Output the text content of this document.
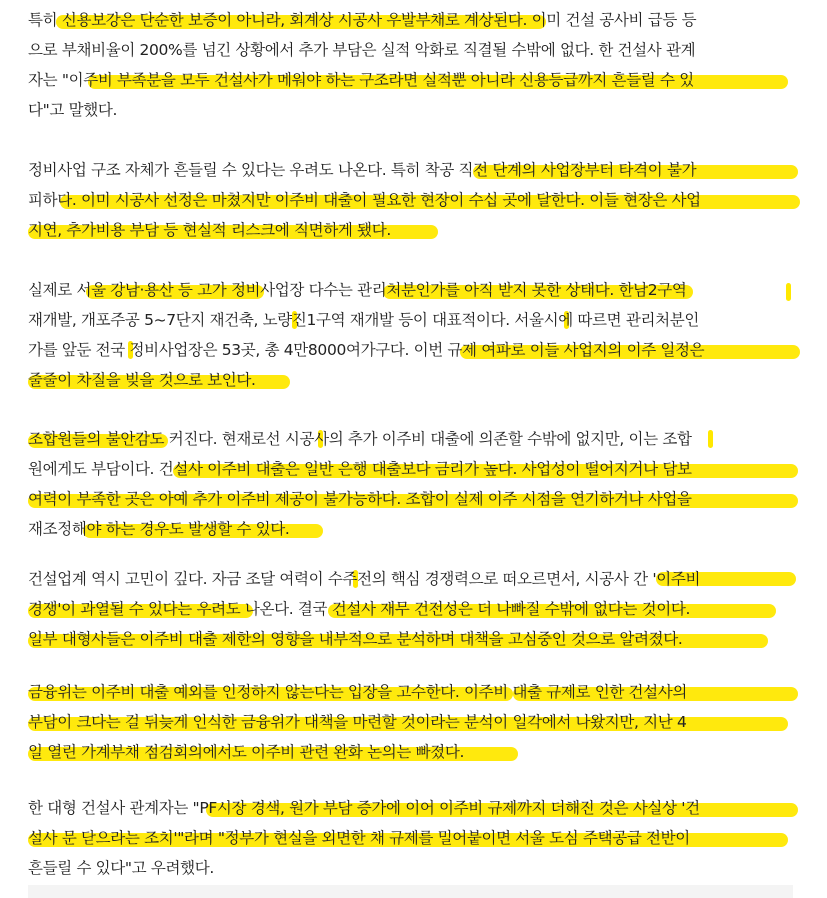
특히 신용보강은 단순한 보증이 아니라, 회계상 시공사 우발부채로 계상된다. 이미 건설 공사비 급등 등
으로 부채비율이 200%를 넘긴 상황에서 추가 부담은 실적 악화로 직결될 수밖에 없다. 한 건설사 관계
자는 "이주비 부족분을 모두 건설사가 메워야 하는 구조라면 실적뿐 아니라 신용등급까지 흔들릴 수 있
다"고 말했다.
정비사업 구조 자체가 흔들릴 수 있다는 우려도 나온다. 특히 착공 직전 단계의 사업장부터 타격이 불가
피하다. 이미 시공사 선정은 마쳤지만 이주비 대출이 필요한 현장이 수십 곳에 달한다. 이들 현장은 사업
지연, 추가비용 부담 등 현실적 리스크에 직면하게 됐다.
실제로 서울 강남·용산 등 고가 정비사업장 다수는 관리처분인가를 아직 받지 못한 상태다. 한남2구역
재개발, 개포주공 5~7단지 재건축, 노량진1구역 재개발 등이 대표적이다. 서울시에 따르면 관리처분인
가를 앞둔 전국 정비사업장은 53곳, 총 4만8000여가구다. 이번 규제 여파로 이들 사업지의 이주 일정은
줄줄이 차질을 빚을 것으로 보인다.
조합원들의 불안감도 커진다. 현재로선 시공사의 추가 이주비 대출에 의존할 수밖에 없지만, 이는 조합
원에게도 부담이다. 건설사 이주비 대출은 일반 은행 대출보다 금리가 높다. 사업성이 떨어지거나 담보
여력이 부족한 곳은 아예 추가 이주비 제공이 불가능하다. 조합이 실제 이주 시점을 연기하거나 사업을
재조정해야 하는 경우도 발생할 수 있다.
건설업계 역시 고민이 깊다. 자금 조달 여력이 수주전의 핵심 경쟁력으로 떠오르면서, 시공사 간 '이주비
경쟁'이 과열될 수 있다는 우려도 나온다. 결국 건설사 재무 건전성은 더 나빠질 수밖에 없다는 것이다.
일부 대형사들은 이주비 대출 제한의 영향을 내부적으로 분석하며 대책을 고심중인 것으로 알려졌다.
금융위는 이주비 대출 예외를 인정하지 않는다는 입장을 고수한다. 이주비 대출 규제로 인한 건설사의
부담이 크다는 걸 뒤늦게 인식한 금융위가 대책을 마련할 것이라는 분석이 일각에서 나왔지만, 지난 4
일 열린 가계부채 점검회의에서도 이주비 관련 완화 논의는 빠졌다.
한 대형 건설사 관계자는 "PF시장 경색, 원가 부담 증가에 이어 이주비 규제까지 더해진 것은 사실상 '건
설사 문 닫으라는 조치'"라며 "정부가 현실을 외면한 채 규제를 밀어붙이면 서울 도심 주택공급 전반이
흔들릴 수 있다"고 우려했다.
